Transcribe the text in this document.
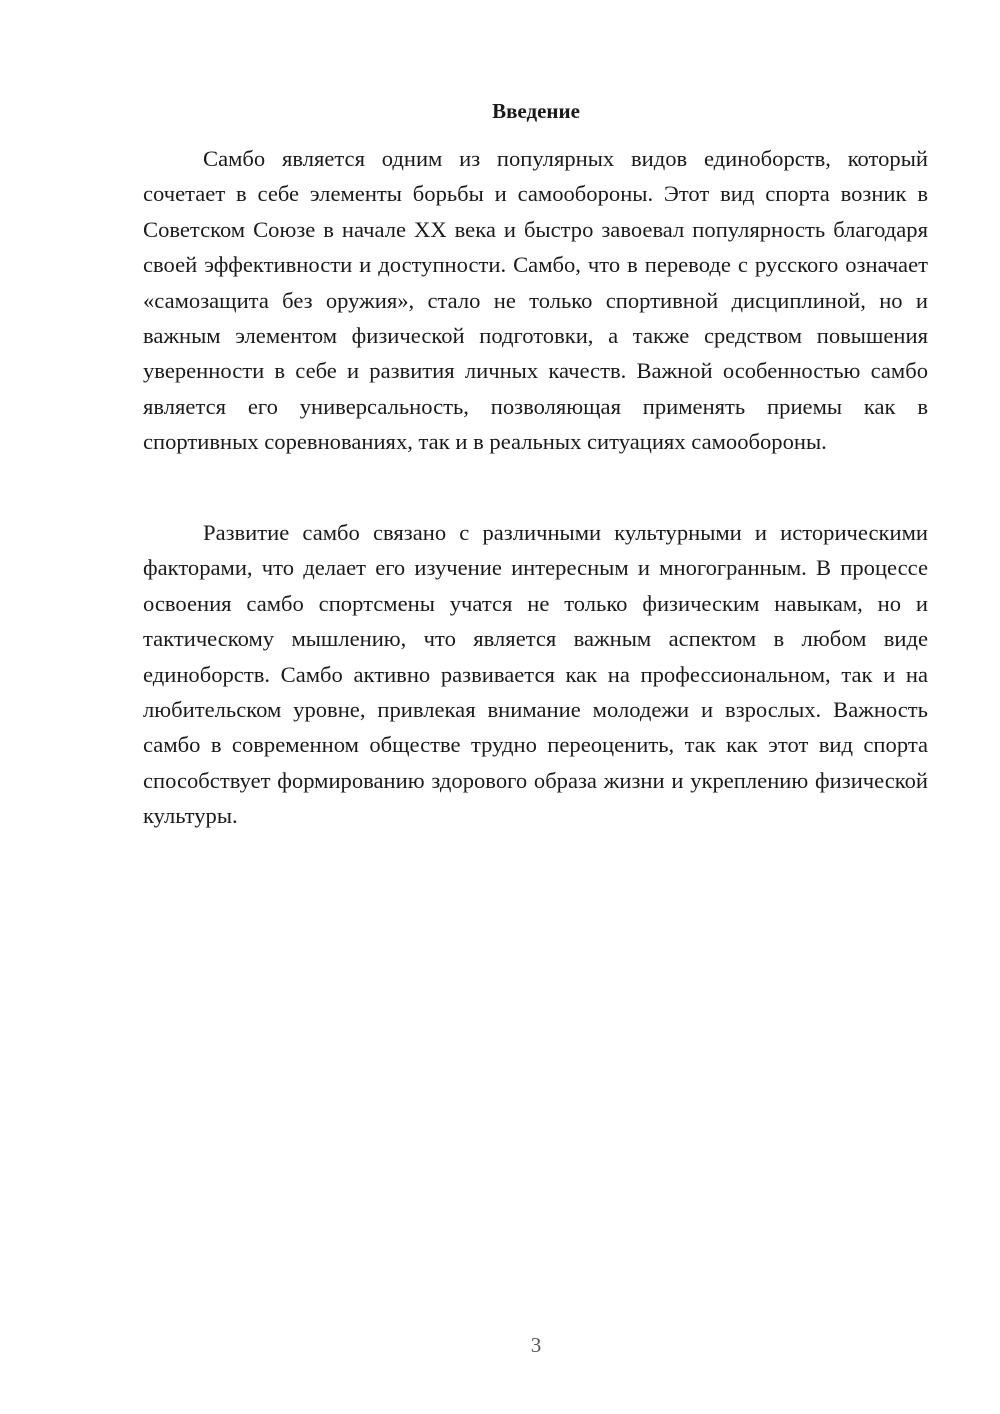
Введение

Самбо является одним из популярных видов единоборств, который сочетает в себе элементы борьбы и самообороны. Этот вид спорта возник в Советском Союзе в начале XX века и быстро завоевал популярность благодаря своей эффективности и доступности. Самбо, что в переводе с русского означает «самозащита без оружия», стало не только спортивной дисциплиной, но и важным элементом физической подготовки, а также средством повышения уверенности в себе и развития личных качеств. Важной особенностью самбо является его универсальность, позволяющая применять приемы как в спортивных соревнованиях, так и в реальных ситуациях самообороны.

Развитие самбо связано с различными культурными и историческими факторами, что делает его изучение интересным и многогранным. В процессе освоения самбо спортсмены учатся не только физическим навыкам, но и тактическому мышлению, что является важным аспектом в любом виде единоборств. Самбо активно развивается как на профессиональном, так и на любительском уровне, привлекая внимание молодежи и взрослых. Важность самбо в современном обществе трудно переоценить, так как этот вид спорта способствует формированию здорового образа жизни и укреплению физической культуры.

3
